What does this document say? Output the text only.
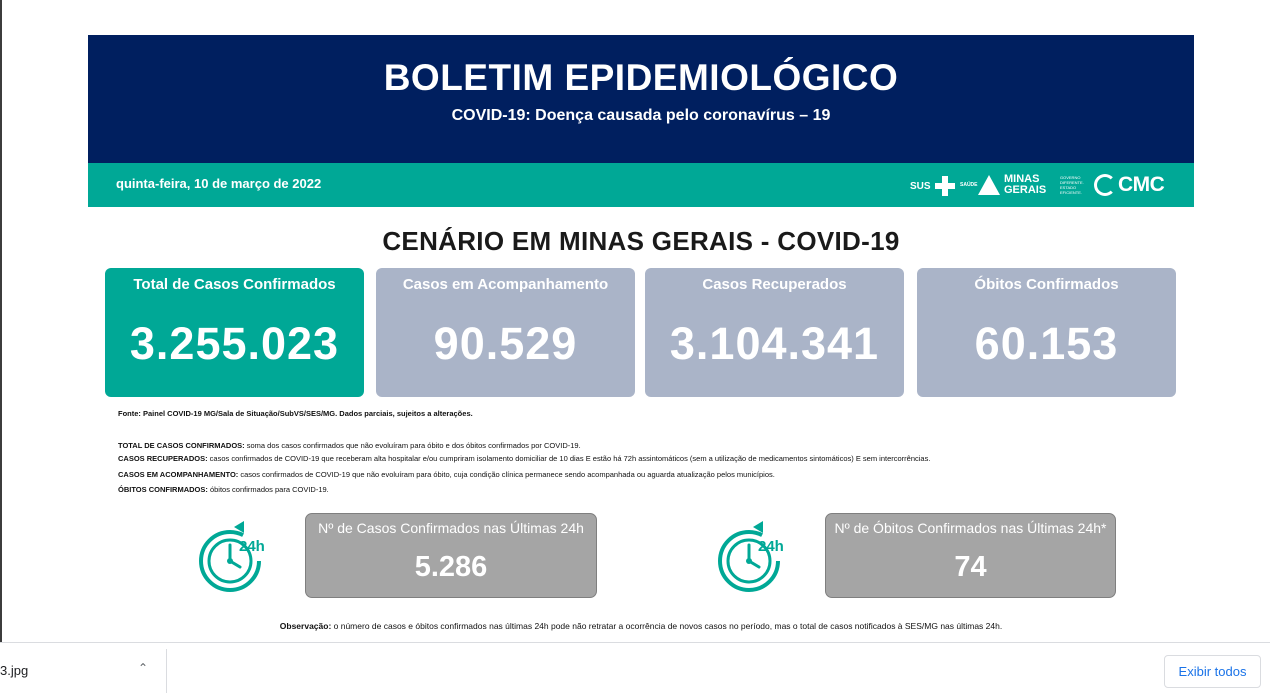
BOLETIM EPIDEMIOLÓGICO
COVID-19: Doença causada pelo coronavírus – 19
quinta-feira, 10 de março de 2022	SUS	SAÚDE MINAS GERAIS
GOVERNO DIFERENTE. ESTADO EFICIENTE. CMC
CENÁRIO EM MINAS GERAIS - COVID-19
Total de Casos Confirmados
3.255.023
Casos em Acompanhamento
90.529
Casos Recuperados
3.104.341
Óbitos Confirmados
60.153
Fonte: Painel COVID-19 MG/Sala de Situação/SubVS/SES/MG. Dados parciais, sujeitos a alterações.
TOTAL DE CASOS CONFIRMADOS: soma dos casos confirmados que não evoluíram para óbito e dos óbitos confirmados por COVID-19.
CASOS RECUPERADOS: casos confirmados de COVID-19 que receberam alta hospitalar e/ou cumpriram isolamento domiciliar de 10 dias E estão há 72h assintomáticos (sem a utilização de medicamentos sintomáticos) E sem intercorrências.
CASOS EM ACOMPANHAMENTO: casos confirmados de COVID-19 que não evoluíram para óbito, cuja condição clínica permanece sendo acompanhada ou aguarda atualização pelos municípios.
ÓBITOS CONFIRMADOS: óbitos confirmados para COVID-19.
24h
Nº de Casos Confirmados nas Últimas 24h
5.286
24h
Nº de Óbitos Confirmados nas Últimas 24h*
74
Observação: o número de casos e óbitos confirmados nas últimas 24h pode não retratar a ocorrência de novos casos no período, mas o total de casos notificados à SES/MG nas últimas 24h.
3.jpg	⌃	Exibir todos
